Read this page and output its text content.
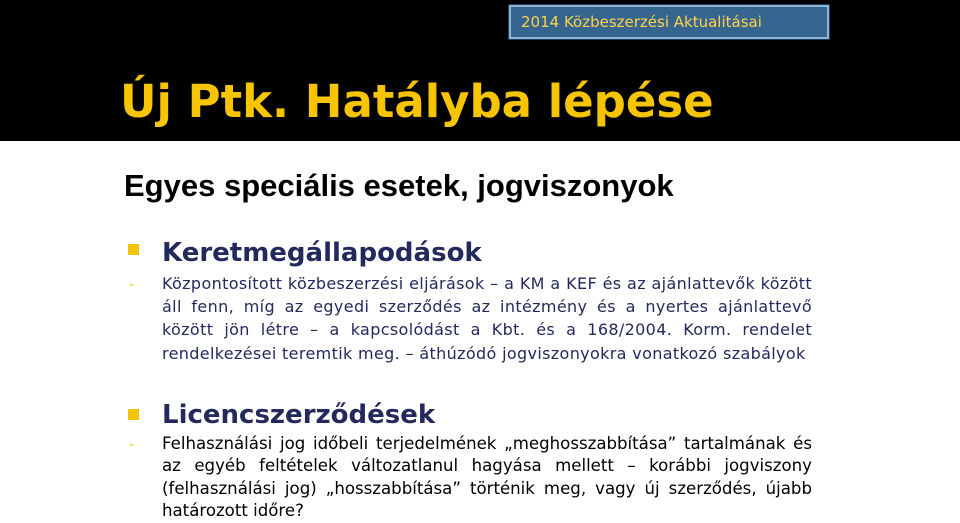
2014 Közbeszerzési Aktualitásai
Új Ptk. Hatályba lépése
Egyes speciális esetek, jogviszonyok
Keretmegállapodások
- Központosított közbeszerzési eljárások – a KM a KEF és az ajánlattevők között áll fenn, míg az egyedi szerződés az intézmény és a nyertes ajánlattevő között jön létre – a kapcsolódást a Kbt. és a 168/2004. Korm. rendelet rendelkezései teremtik meg. – áthúzódó jogviszonyokra vonatkozó szabályok

Licencszerződések
- Felhasználási jog időbeli terjedelmének „meghosszabbítása” tartalmának és az egyéb feltételek változatlanul hagyása mellett – korábbi jogviszony (felhasználási jog) „hosszabbítása” történik meg, vagy új szerződés, újabb határozott időre?
